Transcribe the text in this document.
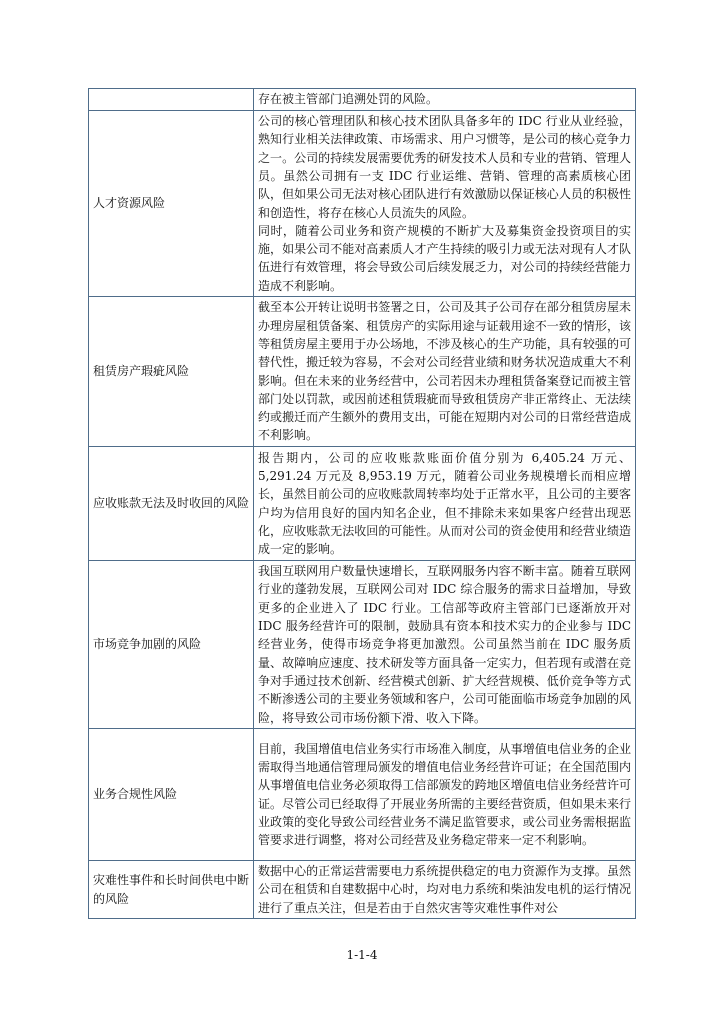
	存在被主管部门追溯处罚的风险。

人才资源风险	公司的核心管理团队和核心技术团队具备多年的 IDC 行业从业经验，熟知行业相关法律政策、市场需求、用户习惯等，是公司的核心竞争力之一。公司的持续发展需要优秀的研发技术人员和专业的营销、管理人员。虽然公司拥有一支 IDC 行业运维、营销、管理的高素质核心团队，但如果公司无法对核心团队进行有效激励以保证核心人员的积极性和创造性，将存在核心人员流失的风险。

同时，随着公司业务和资产规模的不断扩大及募集资金投资项目的实施，如果公司不能对高素质人才产生持续的吸引力或无法对现有人才队伍进行有效管理，将会导致公司后续发展乏力，对公司的持续经营能力造成不利影响。

租赁房产瑕疵风险	截至本公开转让说明书签署之日，公司及其子公司存在部分租赁房屋未办理房屋租赁备案、租赁房产的实际用途与证载用途不一致的情形，该等租赁房屋主要用于办公场地，不涉及核心的生产功能，具有较强的可替代性，搬迁较为容易，不会对公司经营业绩和财务状况造成重大不利影响。但在未来的业务经营中，公司若因未办理租赁备案登记而被主管部门处以罚款，或因前述租赁瑕疵而导致租赁房产非正常终止、无法续约或搬迁而产生额外的费用支出，可能在短期内对公司的日常经营造成不利影响。

应收账款无法及时收回的风险	报告期内，公司的应收账款账面价值分别为 6,405.24 万元、5,291.24 万元及 8,953.19 万元，随着公司业务规模增长而相应增长，虽然目前公司的应收账款周转率均处于正常水平，且公司的主要客户均为信用良好的国内知名企业，但不排除未来如果客户经营出现恶化，应收账款无法收回的可能性。从而对公司的资金使用和经营业绩造成一定的影响。

市场竞争加剧的风险	我国互联网用户数量快速增长，互联网服务内容不断丰富。随着互联网行业的蓬勃发展，互联网公司对 IDC 综合服务的需求日益增加，导致更多的企业进入了 IDC 行业。工信部等政府主管部门已逐渐放开对 IDC 服务经营许可的限制，鼓励具有资本和技术实力的企业参与 IDC 经营业务，使得市场竞争将更加激烈。公司虽然当前在 IDC 服务质量、故障响应速度、技术研发等方面具备一定实力，但若现有或潜在竞争对手通过技术创新、经营模式创新、扩大经营规模、低价竞争等方式不断渗透公司的主要业务领域和客户，公司可能面临市场竞争加剧的风险，将导致公司市场份额下滑、收入下降。

业务合规性风险	目前，我国增值电信业务实行市场准入制度，从事增值电信业务的企业需取得当地通信管理局颁发的增值电信业务经营许可证；在全国范围内从事增值电信业务必须取得工信部颁发的跨地区增值电信业务经营许可证。尽管公司已经取得了开展业务所需的主要经营资质，但如果未来行业政策的变化导致公司经营业务不满足监管要求，或公司业务需根据监管要求进行调整，将对公司经营及业务稳定带来一定不利影响。

灾难性事件和长时间供电中断的风险	数据中心的正常运营需要电力系统提供稳定的电力资源作为支撑。虽然公司在租赁和自建数据中心时，均对电力系统和柴油发电机的运行情况进行了重点关注，但是若由于自然灾害等灾难性事件对公

1-1-4
